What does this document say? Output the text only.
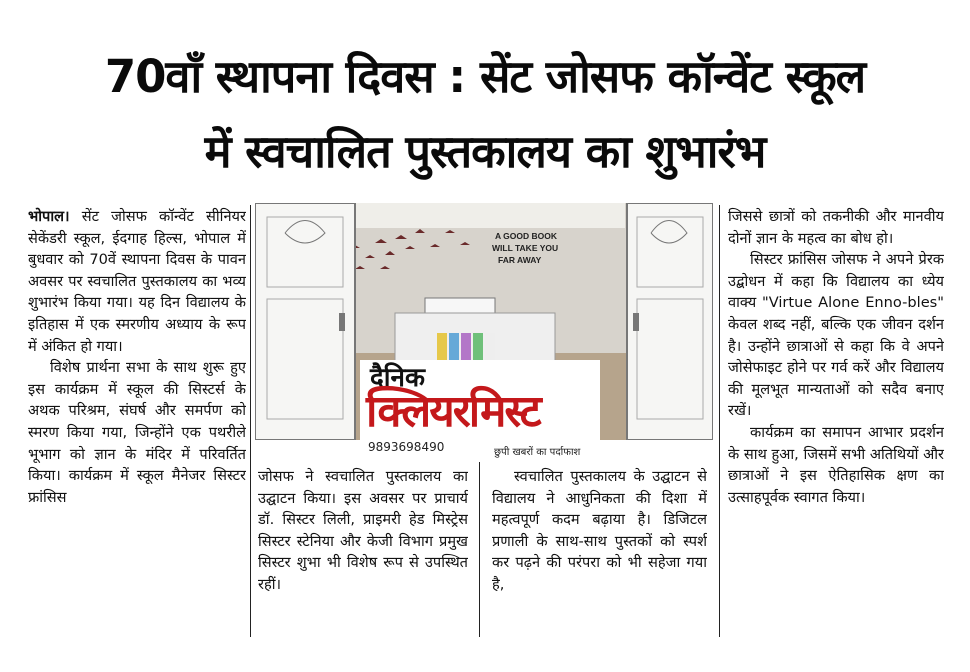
70वाँ स्थापना दिवस : सेंट जोसफ कॉन्वेंट स्कूल
में स्वचालित पुस्तकालय का शुभारंभ

भोपाल। सेंट जोसफ कॉन्वेंट सीनियर सेकेंडरी स्कूल, ईदगाह हिल्स, भोपाल में बुधवार को 70वें स्थापना दिवस के पावन अवसर पर स्वचालित पुस्तकालय का भव्य शुभारंभ किया गया। यह दिन विद्यालय के इतिहास में एक स्मरणीय अध्याय के रूप में अंकित हो गया।

विशेष प्रार्थना सभा के साथ शुरू हुए इस कार्यक्रम में स्कूल की सिस्टर्स के अथक परिश्रम, संघर्ष और समर्पण को स्मरण किया गया, जिन्होंने एक पथरीले भूभाग को ज्ञान के मंदिर में परिवर्तित किया। कार्यक्रम में स्कूल मैनेजर सिस्टर फ्रांसिस

A GOOD BOOK
WILL TAKE YOU
FAR AWAY
दैनिक
क्लियरमिस्ट
9893698490	छुपी खबरों का पर्दाफाश

जोसफ ने स्वचालित पुस्तकालय का उद्घाटन किया। इस अवसर पर प्राचार्य डॉ. सिस्टर लिली, प्राइमरी हेड मिस्ट्रेस सिस्टर स्टेनिया और केजी विभाग प्रमुख सिस्टर शुभा भी विशेष रूप से उपस्थित रहीं।

स्वचालित पुस्तकालय के उद्घाटन से विद्यालय ने आधुनिकता की दिशा में महत्वपूर्ण कदम बढ़ाया है। डिजिटल प्रणाली के साथ-साथ पुस्तकों को स्पर्श कर पढ़ने की परंपरा को भी सहेजा गया है,

जिससे छात्रों को तकनीकी और मानवीय दोनों ज्ञान के महत्व का बोध हो।

सिस्टर फ्रांसिस जोसफ ने अपने प्रेरक उद्बोधन में कहा कि विद्यालय का ध्येय वाक्य "Virtue Alone Enno-bles" केवल शब्द नहीं, बल्कि एक जीवन दर्शन है। उन्होंने छात्राओं से कहा कि वे अपने जोसेफाइट होने पर गर्व करें और विद्यालय की मूलभूत मान्यताओं को सदैव बनाए रखें।

कार्यक्रम का समापन आभार प्रदर्शन के साथ हुआ, जिसमें सभी अतिथियों और छात्राओं ने इस ऐतिहासिक क्षण का उत्साहपूर्वक स्वागत किया।
